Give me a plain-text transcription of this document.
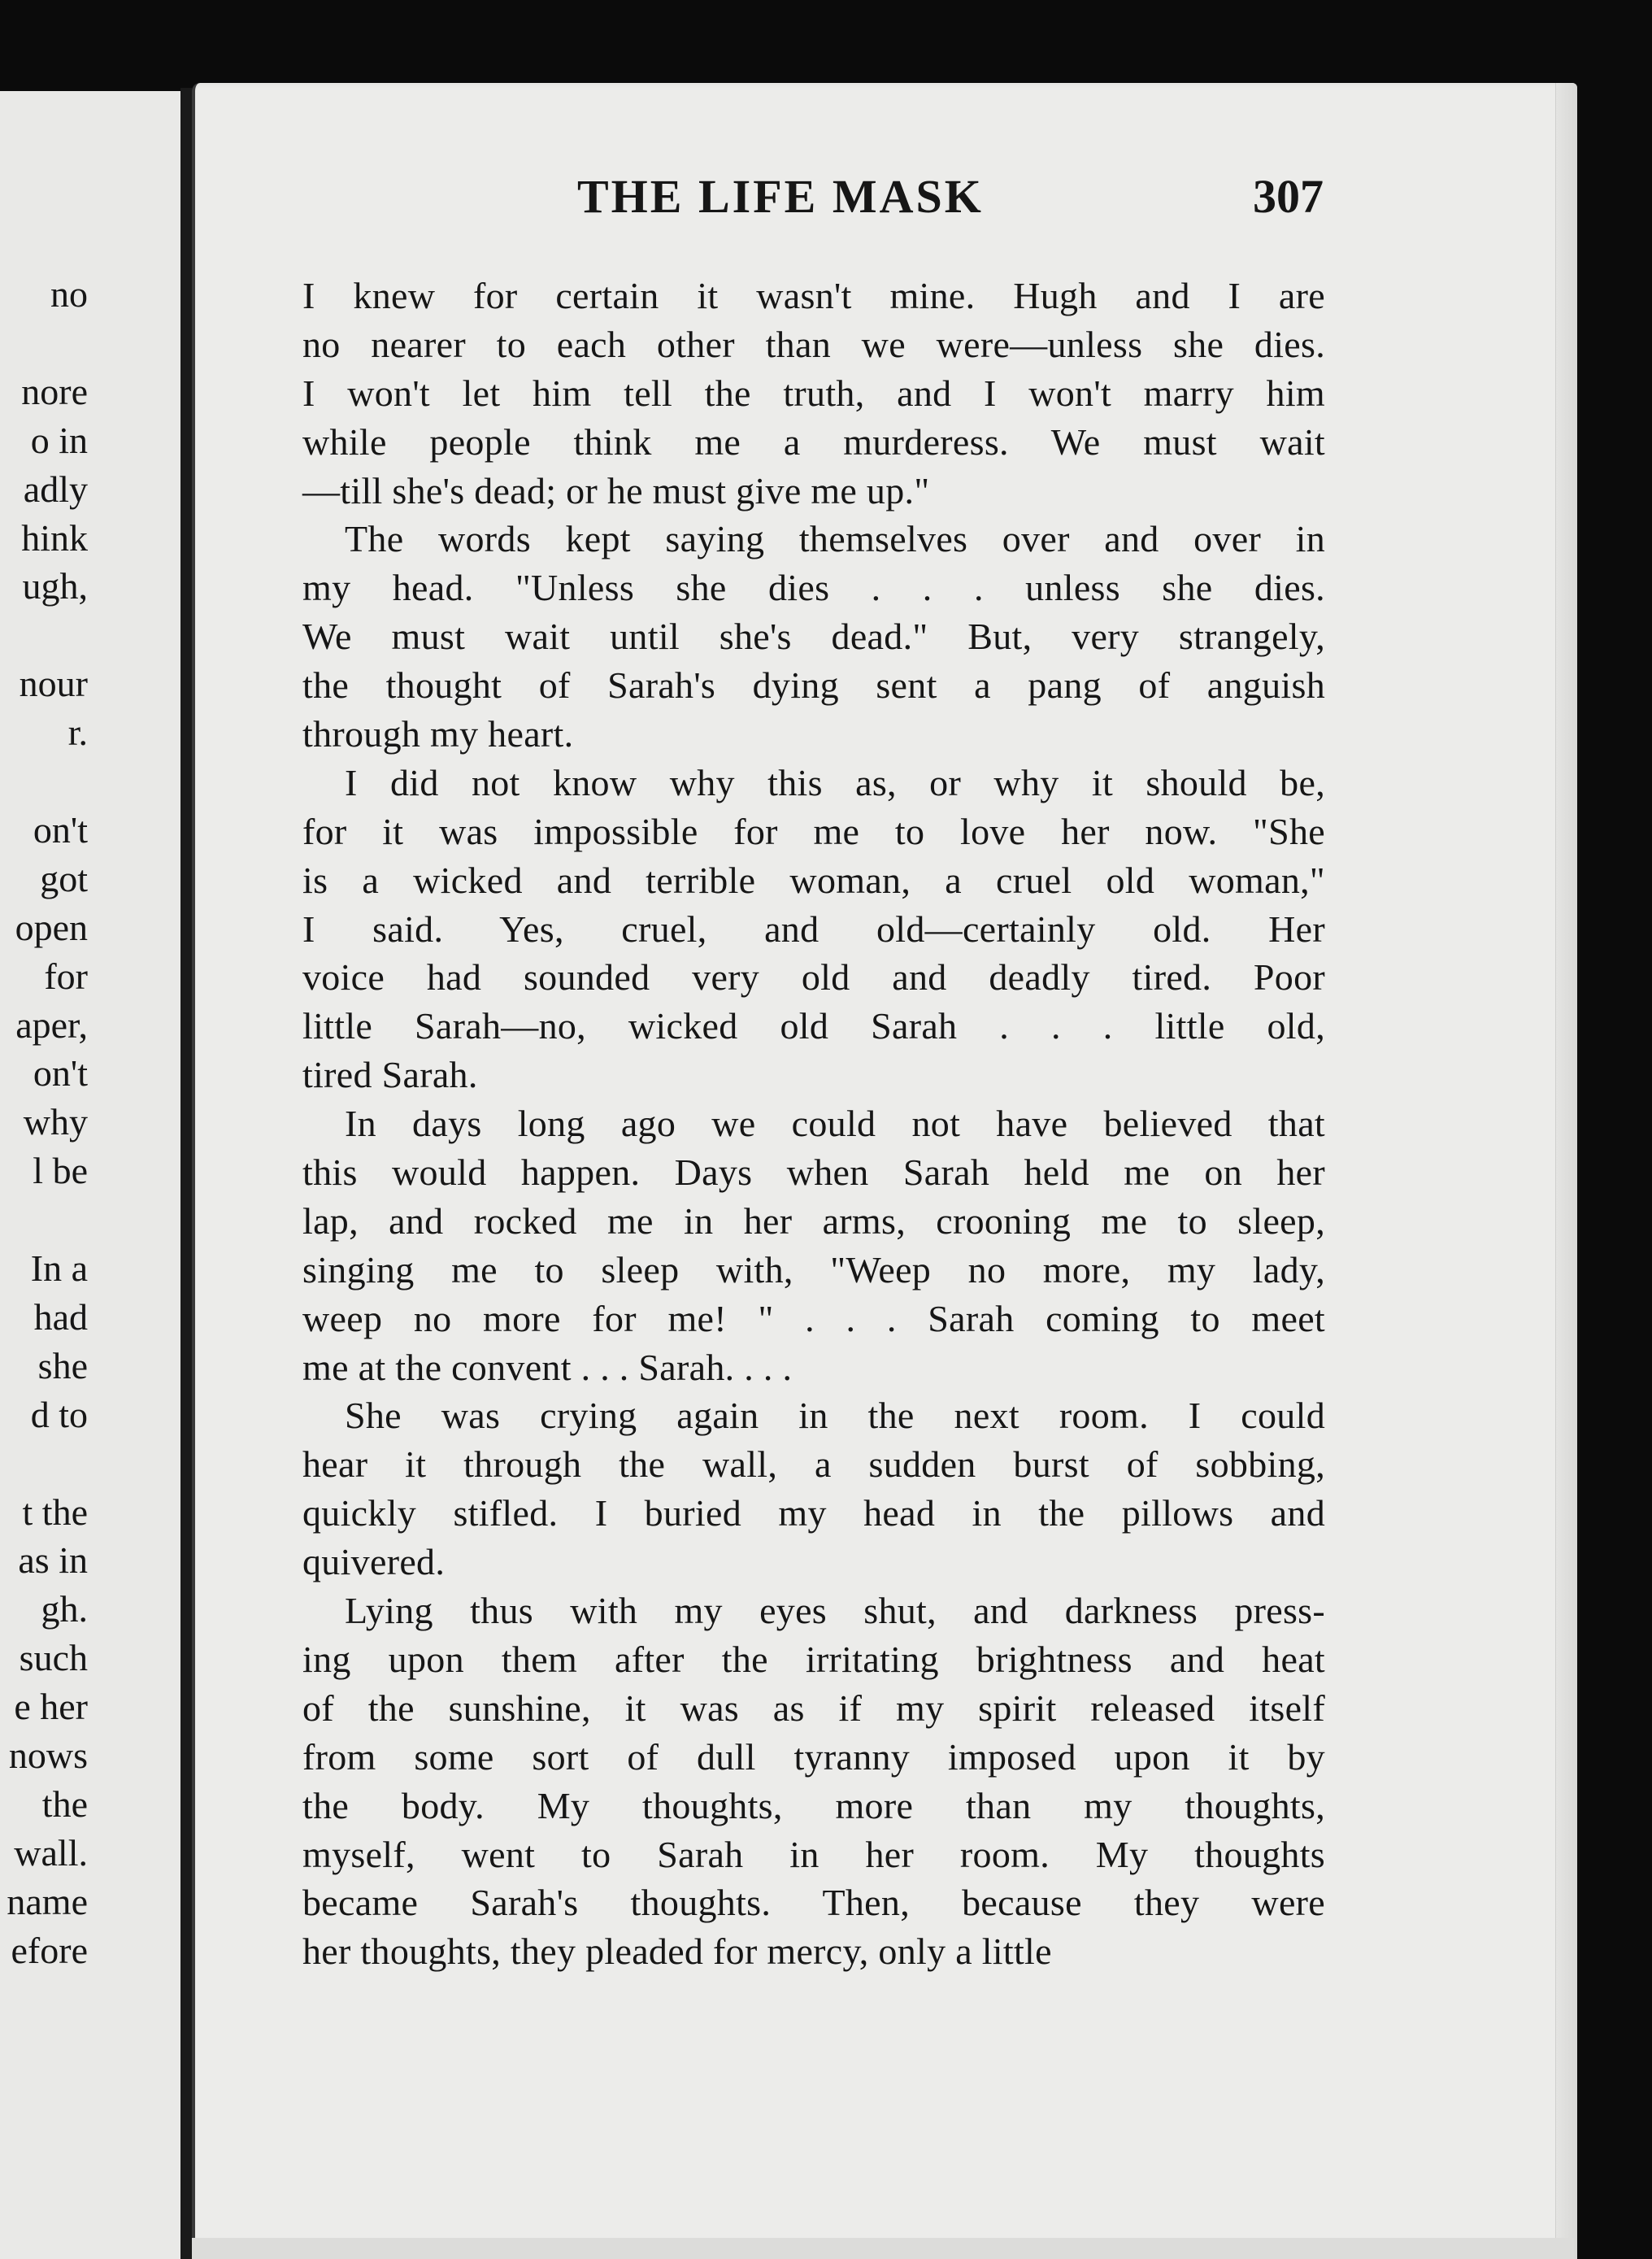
no
nore
o in
adly
hink
ugh,
nour
r.
on't
got
open
for
aper,
on't
why
l be
In a
had
she
d to
t the
as in
gh.
such
e her
nows
the
wall.
name
efore
THE LIFE MASK	307
I knew for certain it wasn't mine. Hugh and I are
no nearer to each other than we were—unless she dies.
I won't let him tell the truth, and I won't marry him
while people think me a murderess. We must wait
—till she's dead; or he must give me up."
The words kept saying themselves over and over in
my head. "Unless she dies . . . unless she dies.
We must wait until she's dead." But, very strangely,
the thought of Sarah's dying sent a pang of anguish
through my heart.
I did not know why this as, or why it should be,
for it was impossible for me to love her now. "She
is a wicked and terrible woman, a cruel old woman,"
I said. Yes, cruel, and old—certainly old. Her
voice had sounded very old and deadly tired. Poor
little Sarah—no, wicked old Sarah . . . little old,
tired Sarah.
In days long ago we could not have believed that
this would happen. Days when Sarah held me on her
lap, and rocked me in her arms, crooning me to sleep,
singing me to sleep with, "Weep no more, my lady,
weep no more for me! " . . . Sarah coming to meet
me at the convent . . . Sarah. . . .
She was crying again in the next room. I could
hear it through the wall, a sudden burst of sobbing,
quickly stifled. I buried my head in the pillows and
quivered.
Lying thus with my eyes shut, and darkness press-
ing upon them after the irritating brightness and heat
of the sunshine, it was as if my spirit released itself
from some sort of dull tyranny imposed upon it by
the body. My thoughts, more than my thoughts,
myself, went to Sarah in her room. My thoughts
became Sarah's thoughts. Then, because they were
her thoughts, they pleaded for mercy, only a little
